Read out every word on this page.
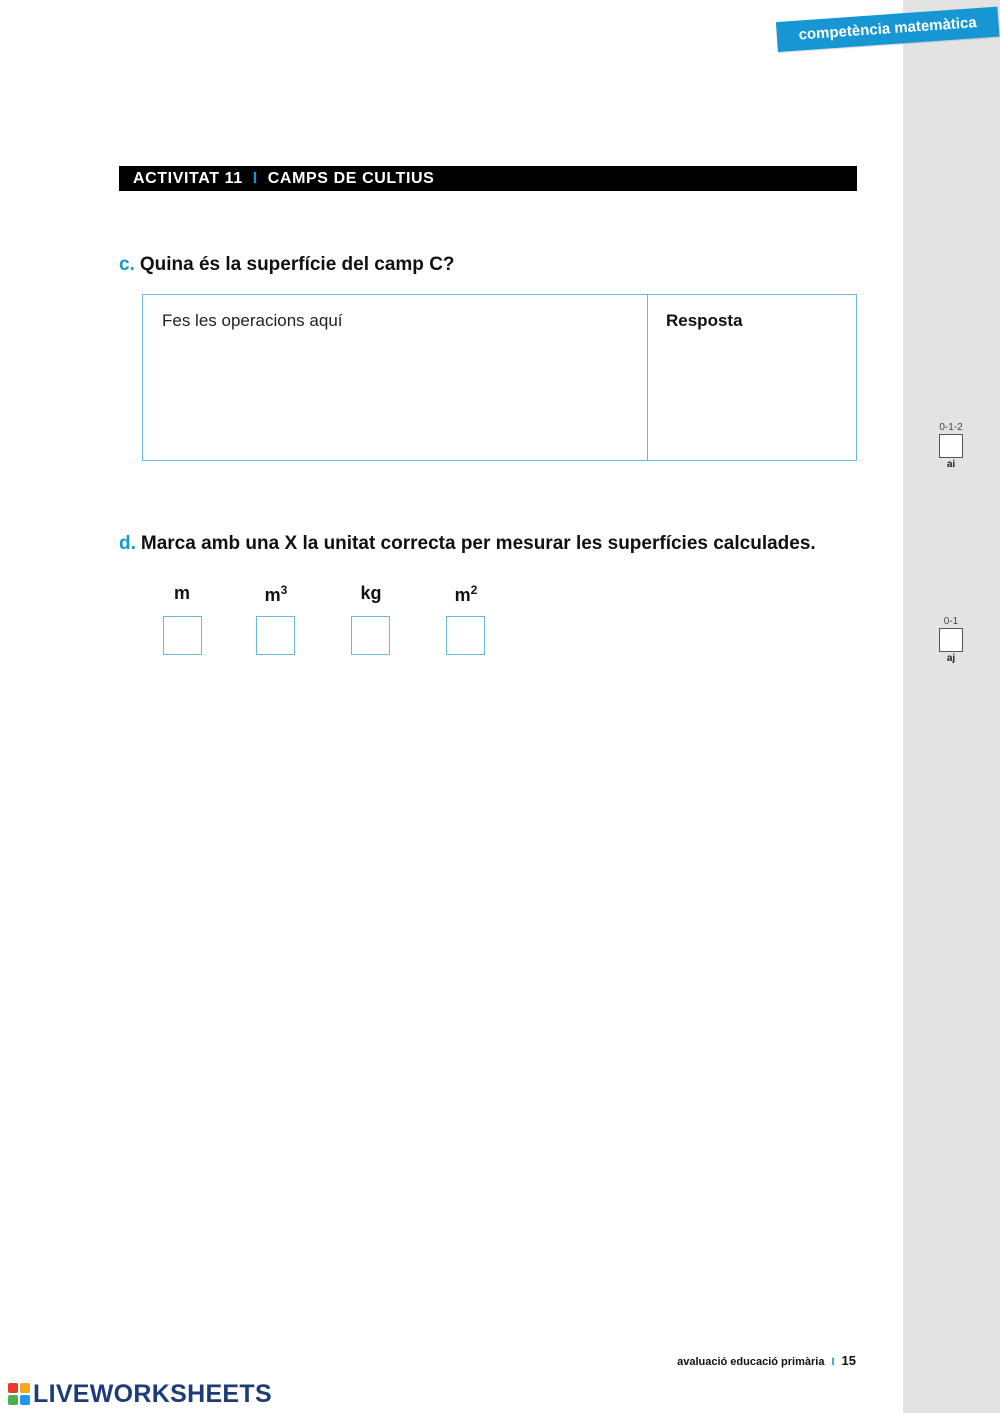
competència matemàtica
ACTIVITAT 11 I CAMPS DE CULTIUS
c. Quina és la superfície del camp C?
Fes les operacions aquí	Resposta
0-1-2
ai
d. Marca amb una X la unitat correcta per mesurar les superfícies calculades.
m	$m^3$	kg	$m^2$
0-1
aj
avaluació educació primària I 15
LIVEWORKSHEETS
